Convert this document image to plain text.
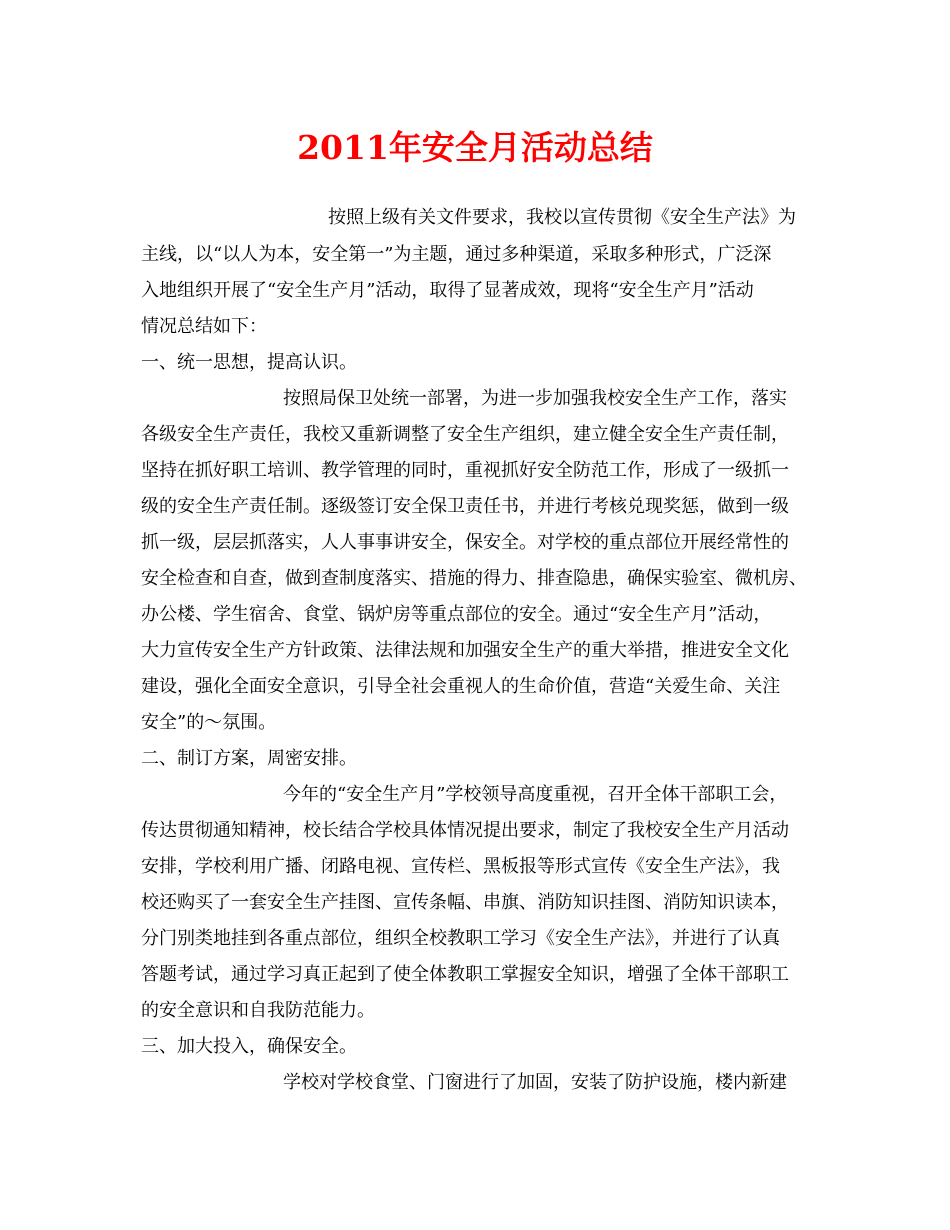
2011年安全月活动总结

按照上级有关文件要求，我校以宣传贯彻《安全生产法》为

主线，以“以人为本，安全第一”为主题，通过多种渠道，采取多种形式，广泛深

入地组织开展了“安全生产月”活动，取得了显著成效，现将“安全生产月”活动

情况总结如下：

一、统一思想，提高认识。

按照局保卫处统一部署，为进一步加强我校安全生产工作，落实

各级安全生产责任，我校又重新调整了安全生产组织，建立健全安全生产责任制，

坚持在抓好职工培训、教学管理的同时，重视抓好安全防范工作，形成了一级抓一

级的安全生产责任制。逐级签订安全保卫责任书，并进行考核兑现奖惩，做到一级

抓一级，层层抓落实，人人事事讲安全，保安全。对学校的重点部位开展经常性的

安全检查和自查，做到查制度落实、措施的得力、排查隐患，确保实验室、微机房、

办公楼、学生宿舍、食堂、锅炉房等重点部位的安全。通过“安全生产月”活动，

大力宣传安全生产方针政策、法律法规和加强安全生产的重大举措，推进安全文化

建设，强化全面安全意识，引导全社会重视人的生命价值，营造“关爱生命、关注

安全”的～氛围。

二、制订方案，周密安排。

今年的“安全生产月”学校领导高度重视，召开全体干部职工会，

传达贯彻通知精神，校长结合学校具体情况提出要求，制定了我校安全生产月活动

安排，学校利用广播、闭路电视、宣传栏、黑板报等形式宣传《安全生产法》，我

校还购买了一套安全生产挂图、宣传条幅、串旗、消防知识挂图、消防知识读本，

分门别类地挂到各重点部位，组织全校教职工学习《安全生产法》，并进行了认真

答题考试，通过学习真正起到了使全体教职工掌握安全知识，增强了全体干部职工

的安全意识和自我防范能力。

三、加大投入，确保安全。

学校对学校食堂、门窗进行了加固，安装了防护设施，楼内新建
